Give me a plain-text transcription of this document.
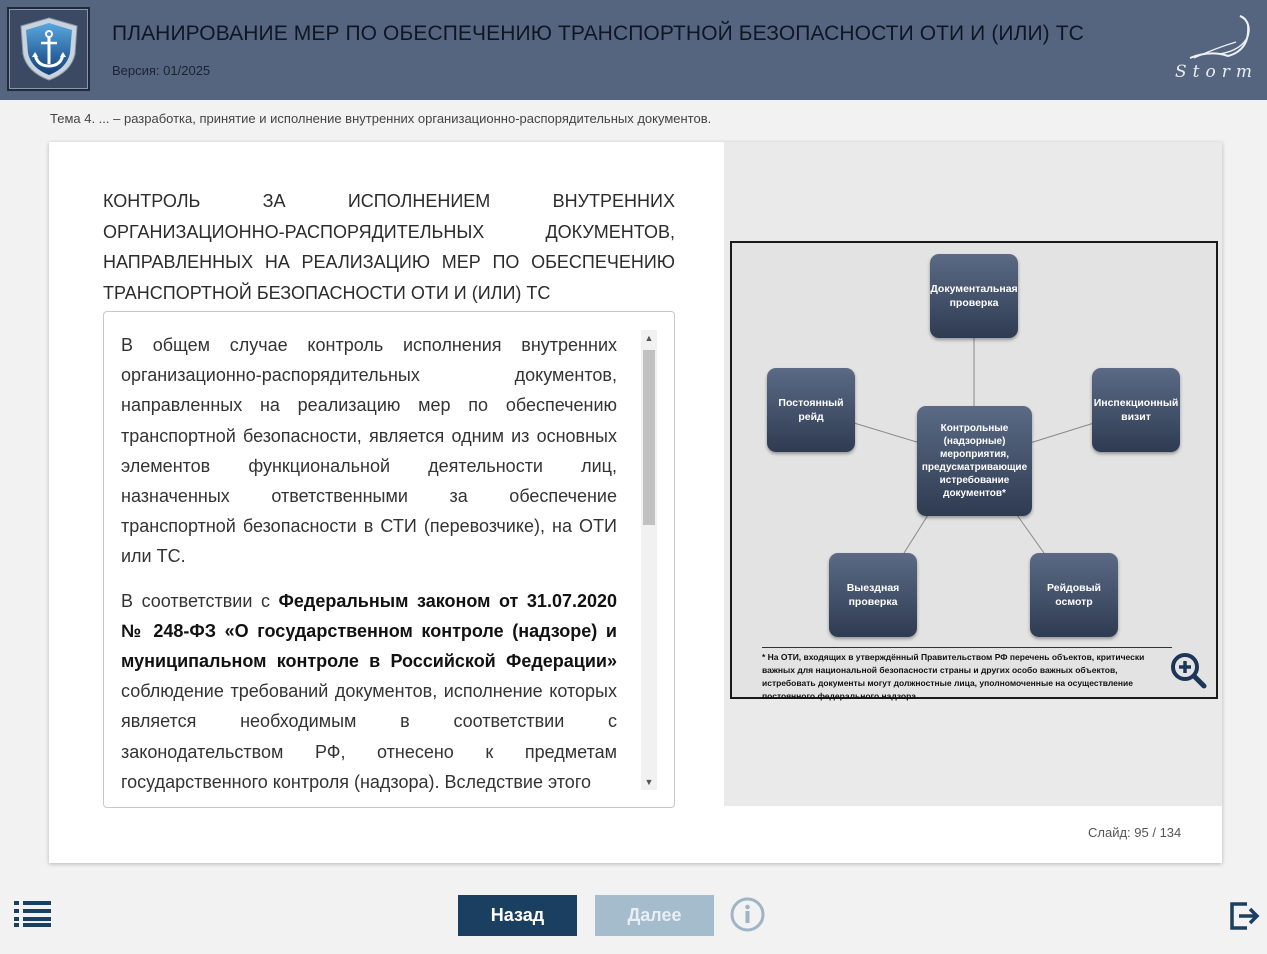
ПЛАНИРОВАНИЕ МЕР ПО ОБЕСПЕЧЕНИЮ ТРАНСПОРТНОЙ БЕЗОПАСНОСТИ ОТИ И (ИЛИ) ТС
Версия: 01/2025	Storm
Тема 4. ... – разработка, принятие и исполнение внутренних организационно-распорядительных документов.
КОНТРОЛЬ ЗА ИСПОЛНЕНИЕМ ВНУТРЕННИХ
ОРГАНИЗАЦИОННО-РАСПОРЯДИТЕЛЬНЫХ ДОКУМЕНТОВ,
НАПРАВЛЕННЫХ НА РЕАЛИЗАЦИЮ МЕР ПО ОБЕСПЕЧЕНИЮ
ТРАНСПОРТНОЙ БЕЗОПАСНОСТИ ОТИ И (ИЛИ) ТС

В общем случае контроль исполнения внутренних организационно-распорядительных документов, направленных на реализацию мер по обеспечению транспортной безопасности, является одним из основных элементов функциональной деятельности лиц, назначенных ответственными за обеспечение транспортной безопасности в СТИ (перевозчике), на ОТИ или ТС.

В соответствии с Федеральным законом от 31.07.2020 № 248-ФЗ «О государственном контроле (надзоре) и муниципальном контроле в Российской Федерации» соблюдение требований документов, исполнение которых является необходимым в соответствии с законодательством РФ, отнесено к предметам государственного контроля (надзора). Вследствие этого

▲
▼
Документальная проверка
Постоянный рейд
Инспекционный визит
Контрольные (надзорные) мероприятия, предусматривающие истребование документов*
Выездная проверка
Рейдовый осмотр
* На ОТИ, входящих в утверждённый Правительством РФ перечень объектов, критически важных для национальной безопасности страны и других особо важных объектов, истребовать документы могут должностные лица, уполномоченные на осуществление постоянного федерального надзора
Слайд: 95 / 134
Назад	Далее
